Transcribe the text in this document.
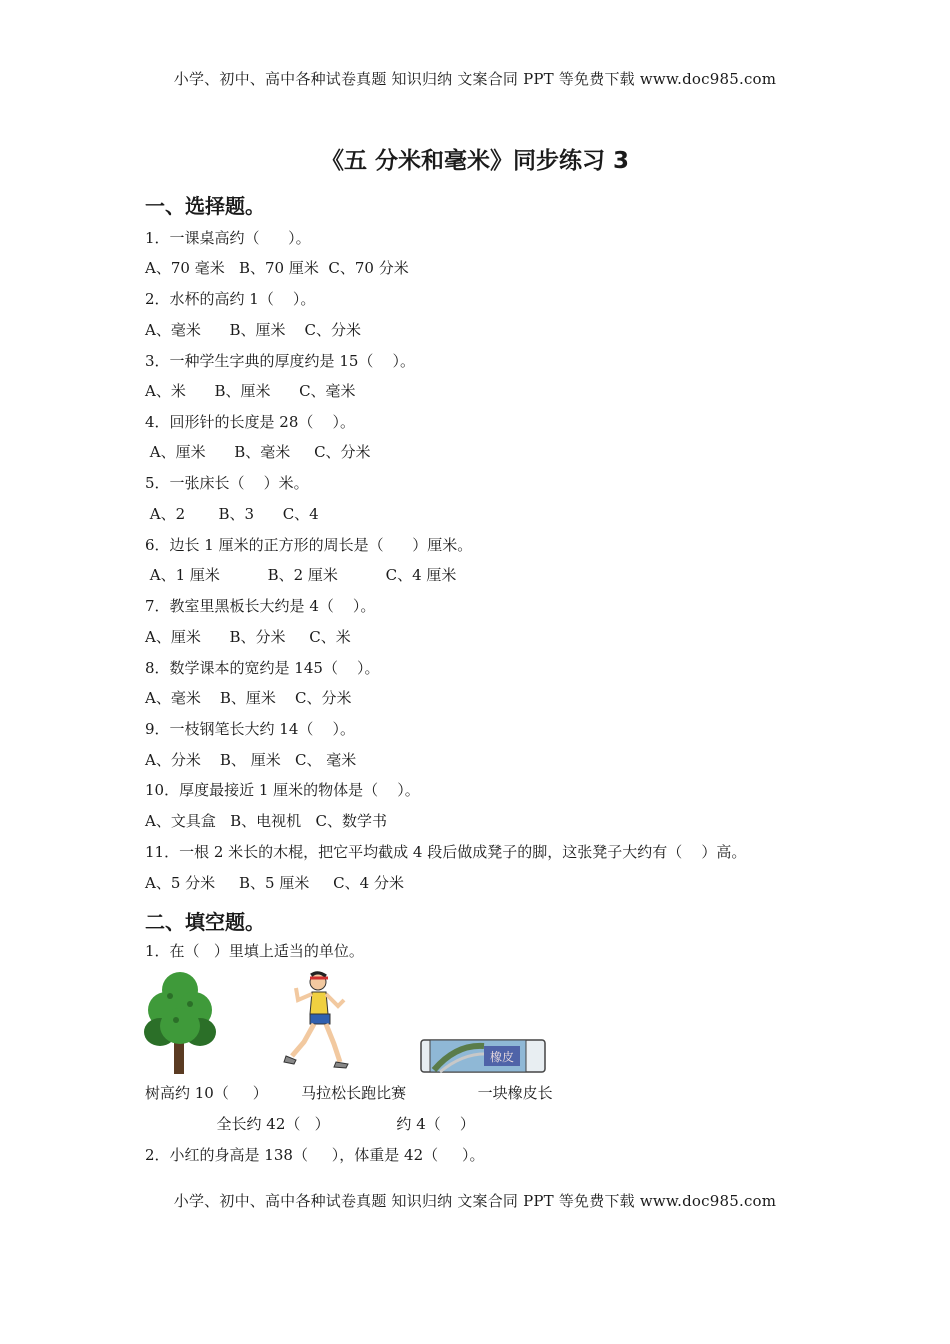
小学、初中、高中各种试卷真题 知识归纳 文案合同 PPT 等免费下载 www.doc985.com
《五 分米和毫米》同步练习 3
一、选择题。
1．一课桌高约（      ）。
A、70 毫米   B、70 厘米  C、70 分米
2．水杯的高约 1（    ）。
A、毫米      B、厘米    C、分米
3．一种学生字典的厚度约是 15（    ）。
A、米      B、厘米      C、毫米
4．回形针的长度是 28（    ）。
A、厘米      B、毫米     C、分米
5．一张床长（    ）米。
A、2       B、3      C、4
6．边长 1 厘米的正方形的周长是（      ）厘米。
A、1 厘米          B、2 厘米          C、4 厘米
7．教室里黑板长大约是 4（    ）。
A、厘米      B、分米     C、米
8．数学课本的宽约是 145（    ）。
A、毫米    B、厘米    C、分米
9．一枝钢笔长大约 14（    ）。
A、分米    B、 厘米   C、 毫米
10．厚度最接近 1 厘米的物体是（    ）。
A、文具盒   B、电视机   C、数学书
11．一根 2 米长的木棍，把它平均截成 4 段后做成凳子的脚，这张凳子大约有（    ）高。
A、5 分米     B、5 厘米     C、4 分米
二、填空题。
1．在（   ）里填上适当的单位。
橡皮
树高约 10（     ）       马拉松长跑比赛               一块橡皮长
全长约 42（   ）              约 4（    ）
2．小红的身高是 138（     ），体重是 42（     ）。
小学、初中、高中各种试卷真题 知识归纳 文案合同 PPT 等免费下载 www.doc985.com
